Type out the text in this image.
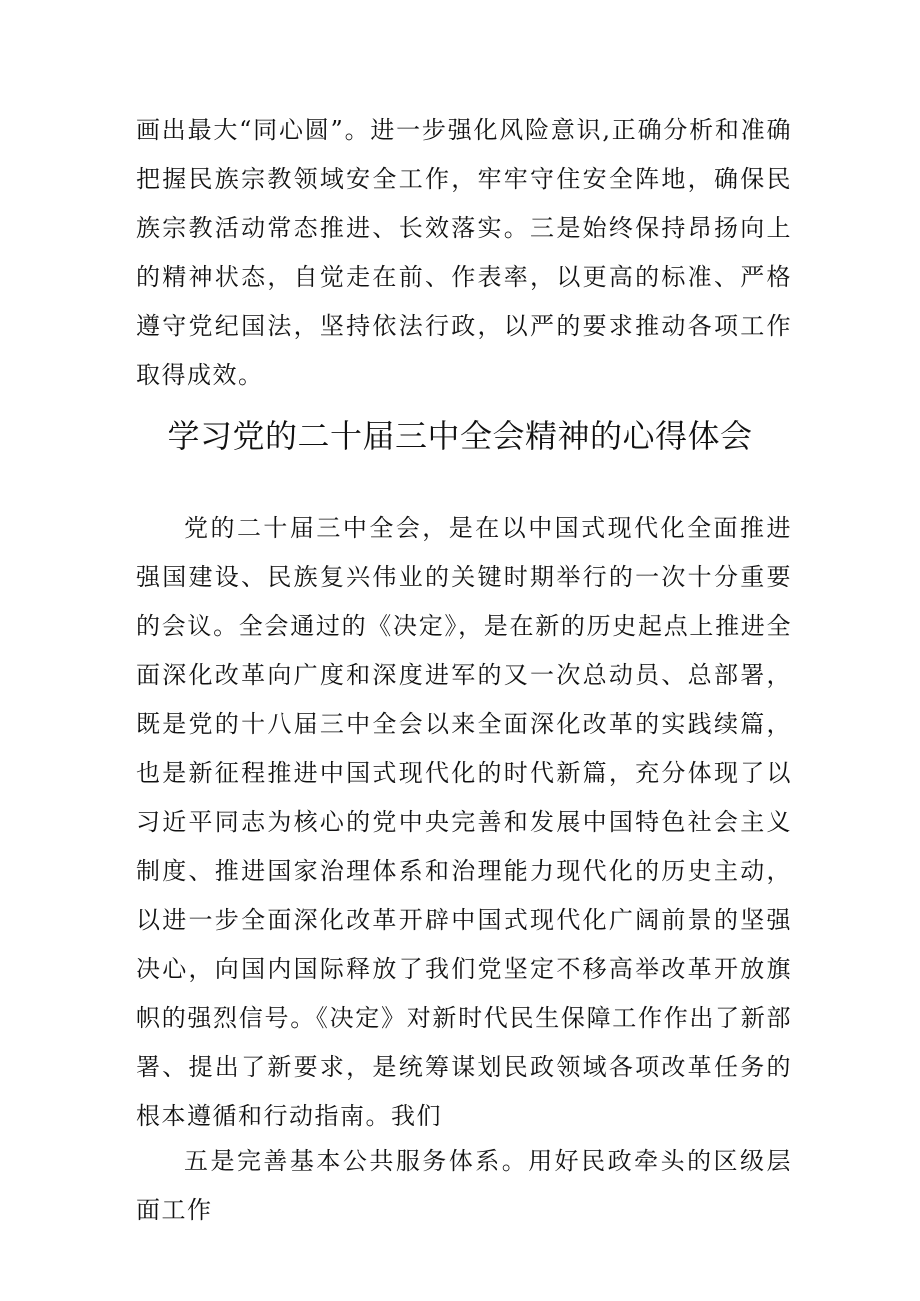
画出最大“同心圆”。进一步强化风险意识,正确分析和准确把握民族宗教领域安全工作，牢牢守住安全阵地，确保民族宗教活动常态推进、长效落实。三是始终保持昂扬向上的精神状态，自觉走在前、作表率，以更高的标准、严格遵守党纪国法，坚持依法行政，以严的要求推动各项工作取得成效。

学习党的二十届三中全会精神的心得体会

党的二十届三中全会，是在以中国式现代化全面推进强国建设、民族复兴伟业的关键时期举行的一次十分重要的会议。全会通过的《决定》，是在新的历史起点上推进全面深化改革向广度和深度进军的又一次总动员、总部署，既是党的十八届三中全会以来全面深化改革的实践续篇，也是新征程推进中国式现代化的时代新篇，充分体现了以习近平同志为核心的党中央完善和发展中国特色社会主义制度、推进国家治理体系和治理能力现代化的历史主动，以进一步全面深化改革开辟中国式现代化广阔前景的坚强决心，向国内国际释放了我们党坚定不移高举改革开放旗帜的强烈信号。《决定》对新时代民生保障工作作出了新部署、提出了新要求，是统筹谋划民政领域各项改革任务的根本遵循和行动指南。我们

五是完善基本公共服务体系。用好民政牵头的区级层面工作
